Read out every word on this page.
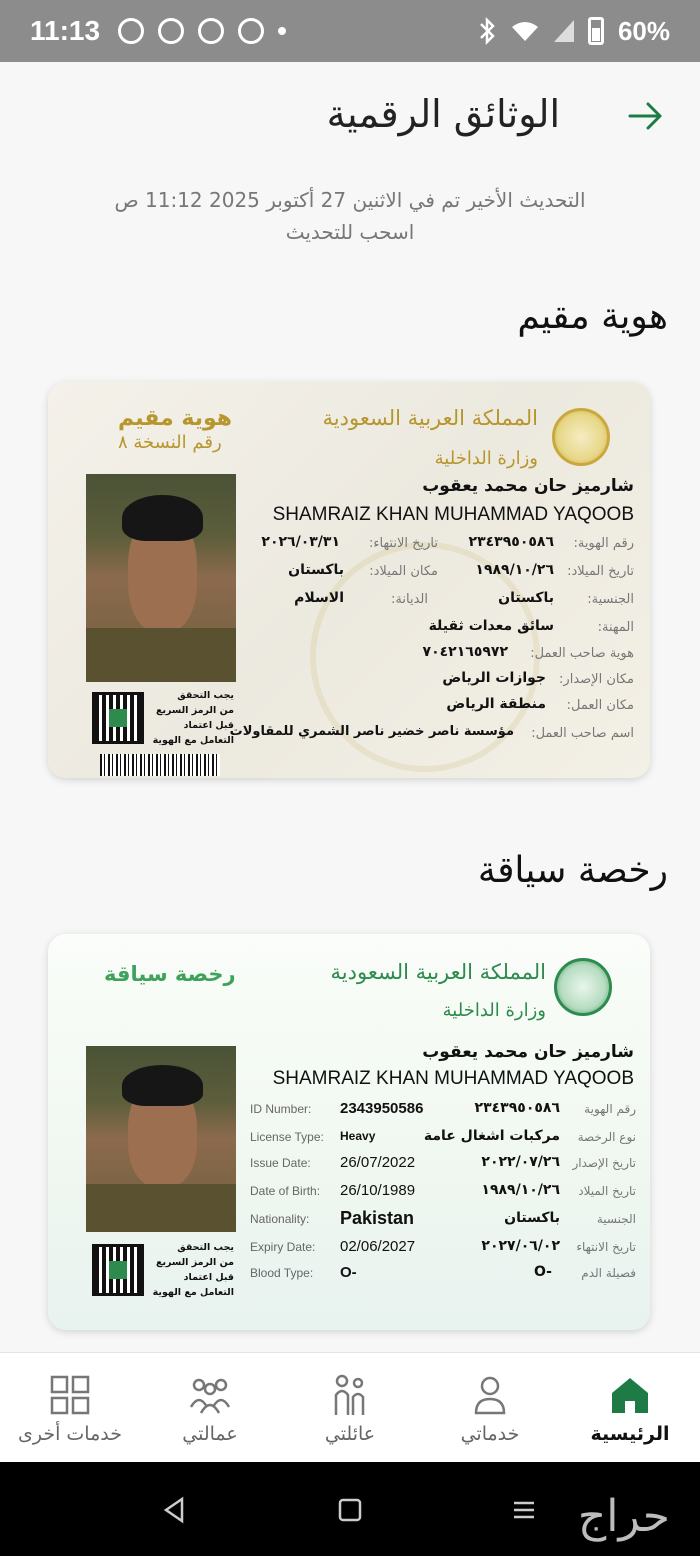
11:13	60%
الوثائق الرقمية
التحديث الأخير تم في الاثنين 27 أكتوبر 2025 11:12 ص
اسحب للتحديث
هوية مقيم
المملكة العربية السعودية
وزارة الداخلية
هوية مقيم
رقم النسخة ٨
يجب التحقق
من الرمز السريع
قبل اعتماد
التعامل مع الهوية
شارميز حان محمد يعقوب
SHAMRAIZ KHAN MUHAMMAD YAQOOB
رقم الهوية:
٢٣٤٣٩٥٠٥٨٦
تاريخ الانتهاء:
٢٠٢٦/٠٣/٣١
تاريخ الميلاد:
١٩٨٩/١٠/٢٦
مكان الميلاد:
باكستان
الجنسية:
باكستان
الديانة:
الاسلام
المهنة:
سائق معدات ثقيلة
هوية صاحب العمل:
٧٠٤٢١٦٥٩٧٢
مكان الإصدار:
جوازات الرياض
مكان العمل:
منطقة الرياض
اسم صاحب العمل:
مؤسسة ناصر خضير ناصر الشمري للمقاولات
رخصة سياقة
المملكة العربية السعودية
وزارة الداخلية
رخصة سياقة
يجب التحقق
من الرمز السريع
قبل اعتماد
التعامل مع الهوية
شارميز حان محمد يعقوب
SHAMRAIZ KHAN MUHAMMAD YAQOOB
ID Number: 2343950586	٢٣٤٣٩٥٠٥٨٦ رقم الهوية
License Type: Heavy	مركبات اشغال عامة نوع الرخصة
Issue Date: 26/07/2022	٢٠٢٢/٠٧/٢٦ تاريخ الإصدار
Date of Birth: 26/10/1989	١٩٨٩/١٠/٢٦ تاريخ الميلاد
Nationality: Pakistan	باكستان	الجنسية
Expiry Date: 02/06/2027	٢٠٢٧/٠٦/٠٢ تاريخ الانتهاء
Blood Type: O-	O- فصيلة الدم
خدمات أخرى	عمالتي	عائلتي	خدماتي	الرئيسية
حراج
